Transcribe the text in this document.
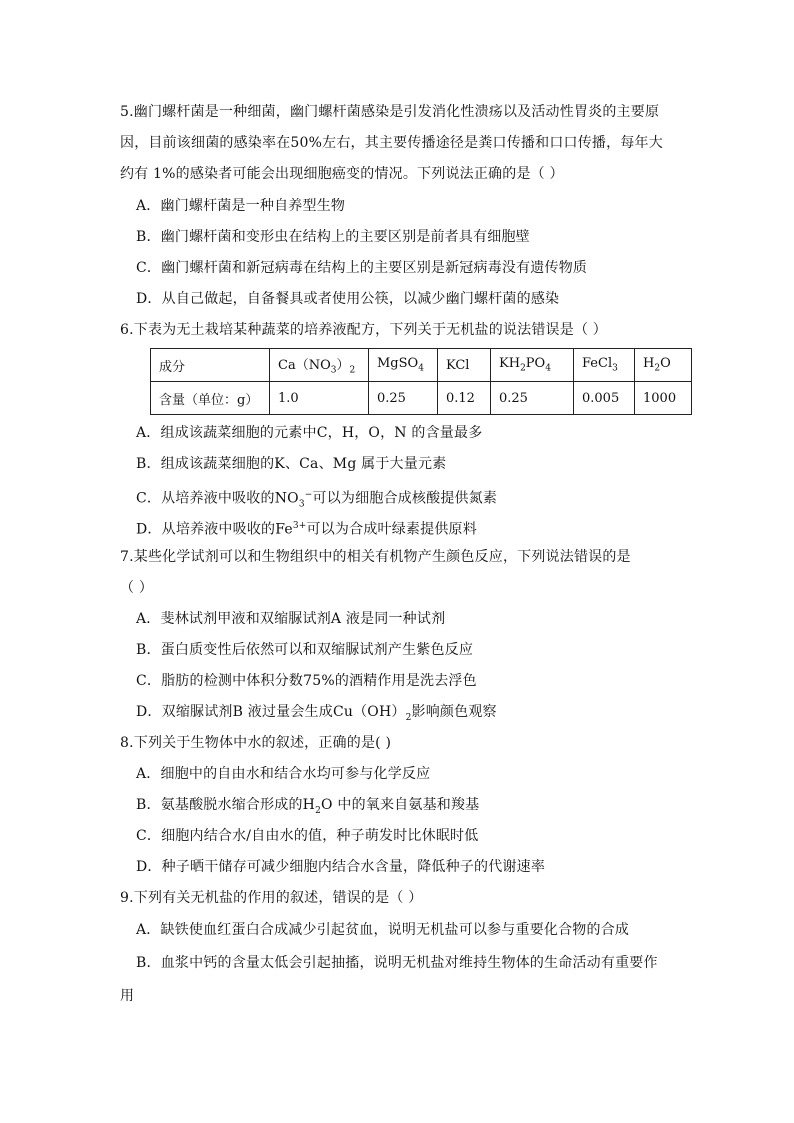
5.幽门螺杆菌是一种细菌，幽门螺杆菌感染是引发消化性溃疡以及活动性胃炎的主要原
因，目前该细菌的感染率在50%左右，其主要传播途径是粪口传播和口口传播，每年大
约有 1%的感染者可能会出现细胞癌变的情况。下列说法正确的是（ ）
A．幽门螺杆菌是一种自养型生物
B．幽门螺杆菌和变形虫在结构上的主要区别是前者具有细胞壁
C．幽门螺杆菌和新冠病毒在结构上的主要区别是新冠病毒没有遗传物质
D．从自己做起，自备餐具或者使用公筷，以减少幽门螺杆菌的感染
6.下表为无土栽培某种蔬菜的培养液配方，下列关于无机盐的说法错误是（ ）
成分	$Ca(NO_3)_2$	MgSO$_4$	KCl	$KH_2PO_4$	FeCl$_3$	$H_2O$
含量（单位：g）	1.0	0.25	0.12	0.25	0.005	1000
A．组成该蔬菜细胞的元素中C，H，O，N 的含量最多
B．组成该蔬菜细胞的K、Ca、Mg 属于大量元素
C．从培养液中吸收的$NO_3^-$可以为细胞合成核酸提供氮素
D．从培养液中吸收的$Fe^{3+}$可以为合成叶绿素提供原料
7.某些化学试剂可以和生物组织中的相关有机物产生颜色反应，下列说法错误的是
（ ）
A．斐林试剂甲液和双缩脲试剂A 液是同一种试剂
B．蛋白质变性后依然可以和双缩脲试剂产生紫色反应
C．脂肪的检测中体积分数75%的酒精作用是洗去浮色
D．双缩脲试剂B 液过量会生成$Cu(OH)_2$影响颜色观察
8.下列关于生物体中水的叙述，正确的是( )
A．细胞中的自由水和结合水均可参与化学反应
B．氨基酸脱水缩合形成的$H_2O$ 中的氧来自氨基和羧基
C．细胞内结合水/自由水的值，种子萌发时比休眠时低
D．种子晒干储存可减少细胞内结合水含量，降低种子的代谢速率
9.下列有关无机盐的作用的叙述，错误的是（ ）
A．缺铁使血红蛋白合成减少引起贫血，说明无机盐可以参与重要化合物的合成
B．血浆中钙的含量太低会引起抽搐，说明无机盐对维持生物体的生命活动有重要作
用
